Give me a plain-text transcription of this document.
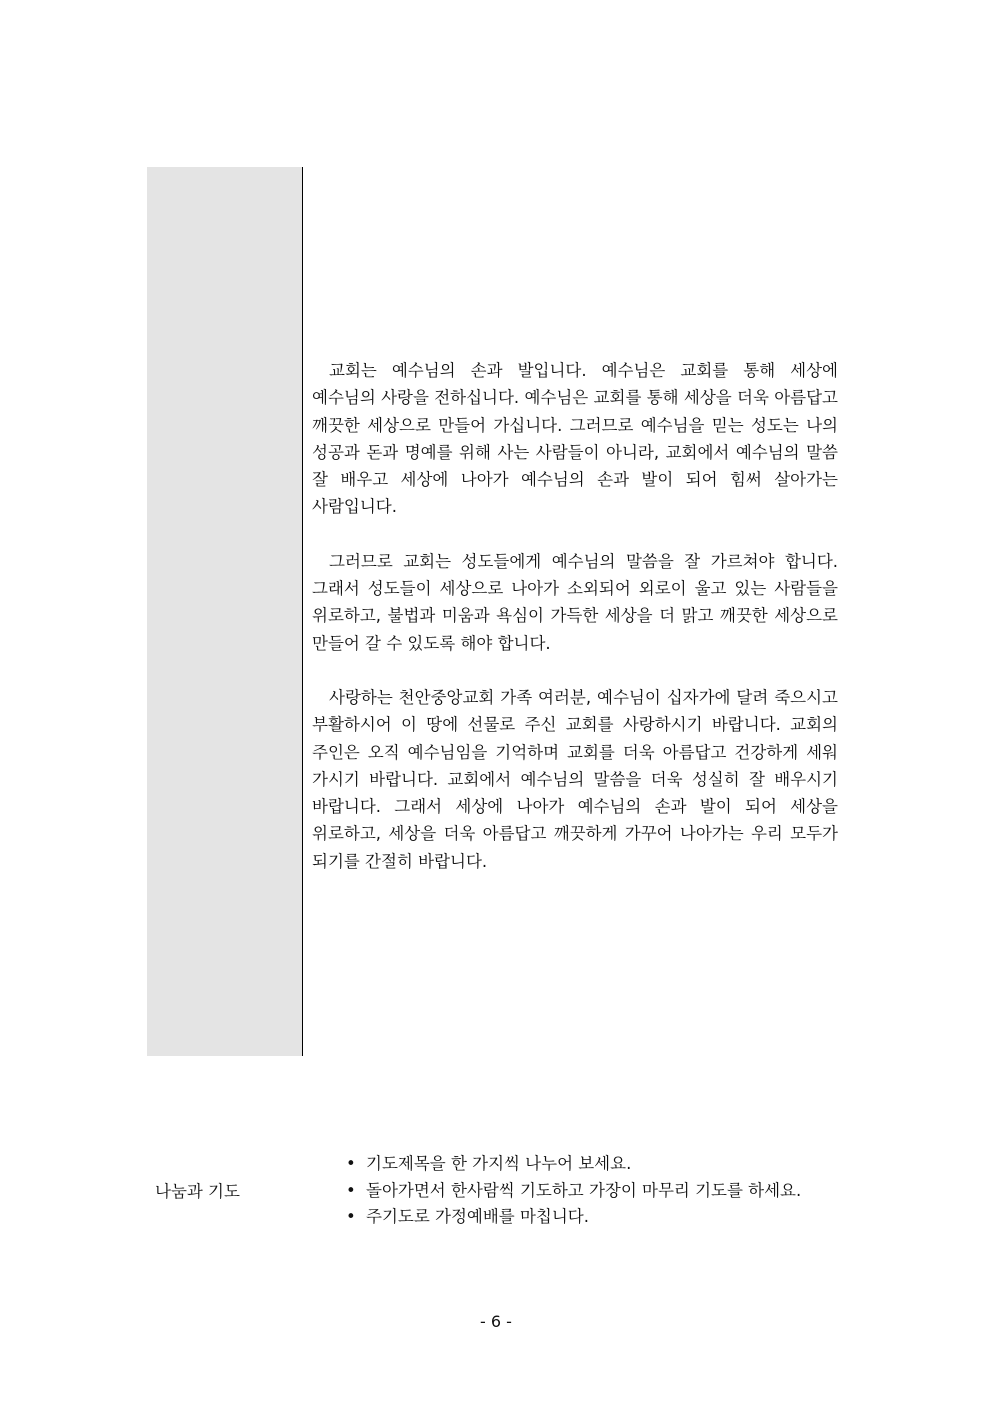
교회는 예수님의 손과 발입니다. 예수님은 교회를 통해 세상에 예수님의 사랑을 전하십니다. 예수님은 교회를 통해 세상을 더욱 아름답고 깨끗한 세상으로 만들어 가십니다. 그러므로 예수님을 믿는 성도는 나의 성공과 돈과 명예를 위해 사는 사람들이 아니라, 교회에서 예수님의 말씀 잘 배우고 세상에 나아가 예수님의 손과 발이 되어 힘써 살아가는 사람입니다.

그러므로 교회는 성도들에게 예수님의 말씀을 잘 가르쳐야 합니다. 그래서 성도들이 세상으로 나아가 소외되어 외로이 울고 있는 사람들을 위로하고, 불법과 미움과 욕심이 가득한 세상을 더 맑고 깨끗한 세상으로 만들어 갈 수 있도록 해야 합니다.

사랑하는 천안중앙교회 가족 여러분, 예수님이 십자가에 달려 죽으시고 부활하시어 이 땅에 선물로 주신 교회를 사랑하시기 바랍니다. 교회의 주인은 오직 예수님임을 기억하며 교회를 더욱 아름답고 건강하게 세워 가시기 바랍니다. 교회에서 예수님의 말씀을 더욱 성실히 잘 배우시기 바랍니다. 그래서 세상에 나아가 예수님의 손과 발이 되어 세상을 위로하고, 세상을 더욱 아름답고 깨끗하게 가꾸어 나아가는 우리 모두가 되기를 간절히 바랍니다.

나눔과 기도
• 기도제목을 한 가지씩 나누어 보세요.
• 돌아가면서 한사람씩 기도하고 가장이 마무리 기도를 하세요.
• 주기도로 가정예배를 마칩니다.
- 6 -
